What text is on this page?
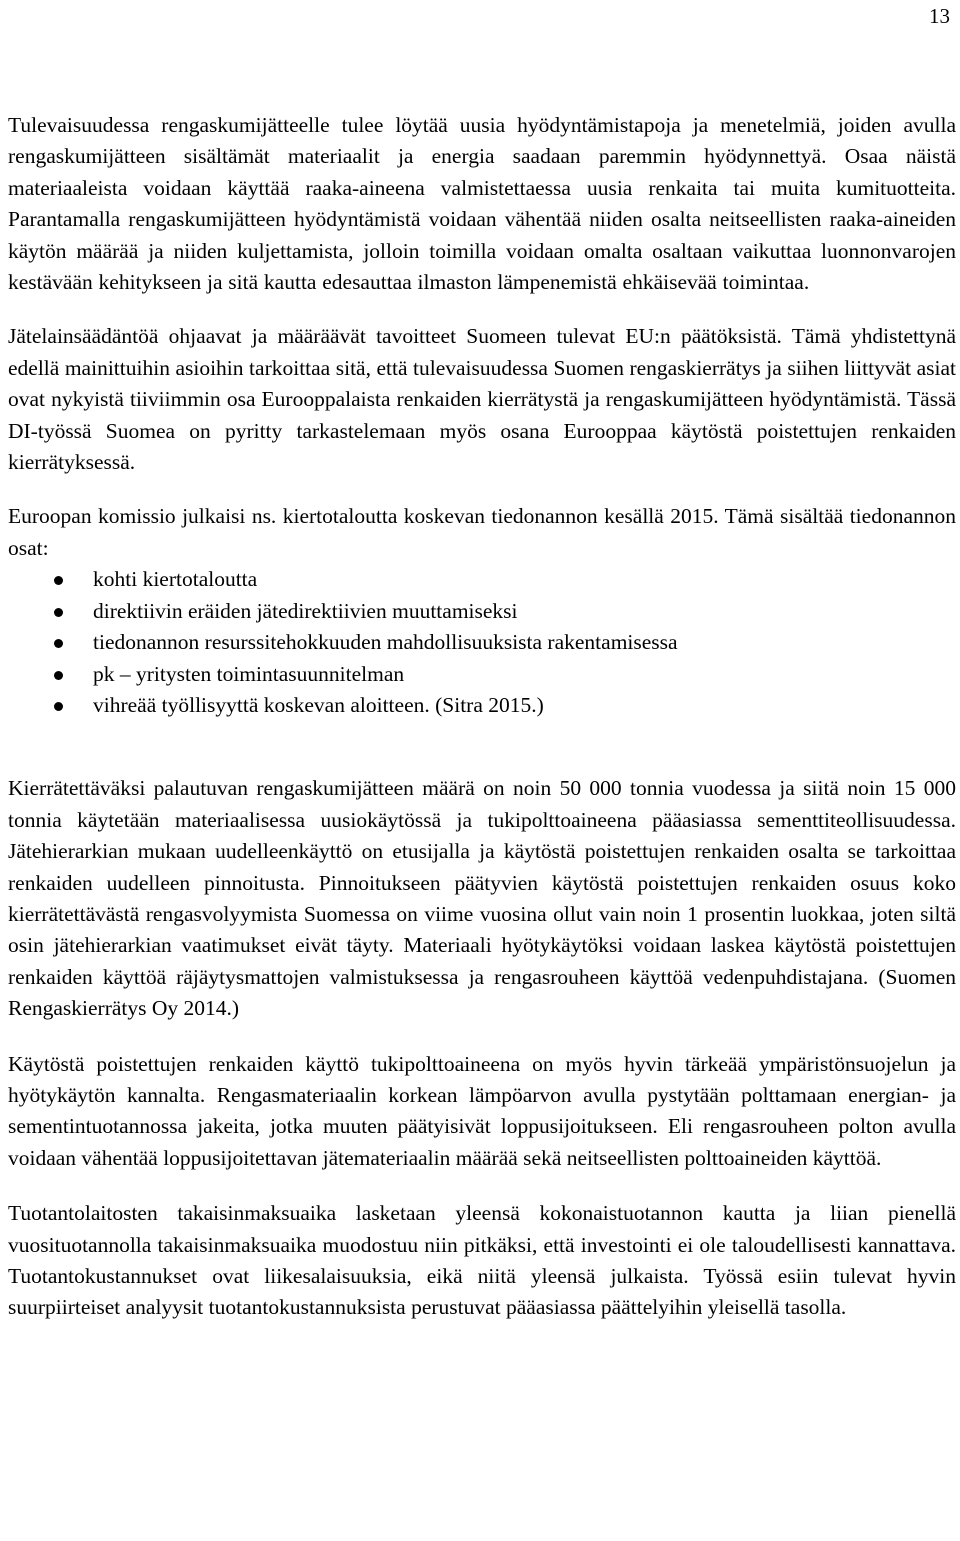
13

Tulevaisuudessa rengaskumijätteelle tulee löytää uusia hyödyntämistapoja ja menetelmiä, joiden avulla rengaskumijätteen sisältämät materiaalit ja energia saadaan paremmin hyödynnettyä. Osaa näistä materiaaleista voidaan käyttää raaka-aineena valmistettaessa uusia renkaita tai muita kumituotteita. Parantamalla rengaskumijätteen hyödyntämistä voidaan vähentää niiden osalta neitseellisten raaka-aineiden käytön määrää ja niiden kuljettamista, jolloin toimilla voidaan omalta osaltaan vaikuttaa luonnonvarojen kestävään kehitykseen ja sitä kautta edesauttaa ilmaston lämpenemistä ehkäisevää toimintaa.

Jätelainsäädäntöä ohjaavat ja määräävät tavoitteet Suomeen tulevat EU:n päätöksistä. Tämä yhdistettynä edellä mainittuihin asioihin tarkoittaa sitä, että tulevaisuudessa Suomen rengaskierrätys ja siihen liittyvät asiat ovat nykyistä tiiviimmin osa Eurooppalaista renkaiden kierrätystä ja rengaskumijätteen hyödyntämistä. Tässä DI-työssä Suomea on pyritty tarkastelemaan myös osana Eurooppaa käytöstä poistettujen renkaiden kierrätyksessä.

Euroopan komissio julkaisi ns. kiertotaloutta koskevan tiedonannon kesällä 2015. Tämä sisältää tiedonannon osat:

kohti kiertotaloutta
direktiivin eräiden jätedirektiivien muuttamiseksi
tiedonannon resurssitehokkuuden mahdollisuuksista rakentamisessa
pk – yritysten toimintasuunnitelman
vihreää työllisyyttä koskevan aloitteen. (Sitra 2015.)

Kierrätettäväksi palautuvan rengaskumijätteen määrä on noin 50 000 tonnia vuodessa ja siitä noin 15 000 tonnia käytetään materiaalisessa uusiokäytössä ja tukipolttoaineena pääasiassa sementtiteollisuudessa. Jätehierarkian mukaan uudelleenkäyttö on etusijalla ja käytöstä poistettujen renkaiden osalta se tarkoittaa renkaiden uudelleen pinnoitusta. Pinnoitukseen päätyvien käytöstä poistettujen renkaiden osuus koko kierrätettävästä rengasvolyymista Suomessa on viime vuosina ollut vain noin 1 prosentin luokkaa, joten siltä osin jätehierarkian vaatimukset eivät täyty. Materiaali hyötykäytöksi voidaan laskea käytöstä poistettujen renkaiden käyttöä räjäytysmattojen valmistuksessa ja rengasrouheen käyttöä vedenpuhdistajana. (Suomen Rengaskierrätys Oy 2014.)

Käytöstä poistettujen renkaiden käyttö tukipolttoaineena on myös hyvin tärkeää ympäristönsuojelun ja hyötykäytön kannalta. Rengasmateriaalin korkean lämpöarvon avulla pystytään polttamaan energian- ja sementintuotannossa jakeita, jotka muuten päätyisivät loppusijoitukseen. Eli rengasrouheen polton avulla voidaan vähentää loppusijoitettavan jätemateriaalin määrää sekä neitseellisten polttoaineiden käyttöä.

Tuotantolaitosten takaisinmaksuaika lasketaan yleensä kokonaistuotannon kautta ja liian pienellä vuosituotannolla takaisinmaksuaika muodostuu niin pitkäksi, että investointi ei ole taloudellisesti kannattava. Tuotantokustannukset ovat liikesalaisuuksia, eikä niitä yleensä julkaista. Työssä esiin tulevat hyvin suurpiirteiset analyysit tuotantokustannuksista perustuvat pääasiassa päättelyihin yleisellä tasolla.
